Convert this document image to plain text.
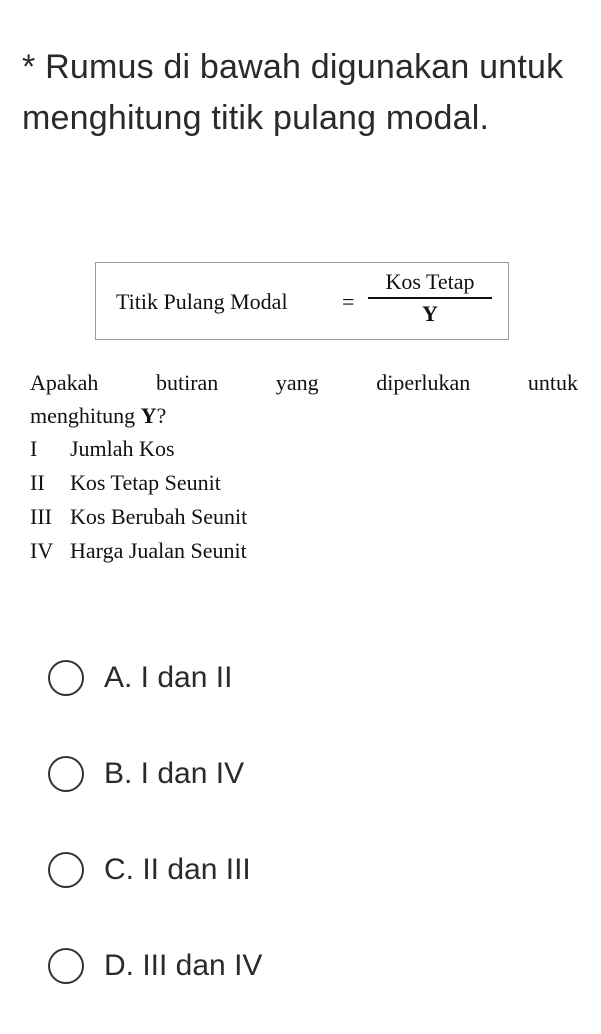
* Rumus di bawah digunakan untuk menghitung titik pulang modal.
Titik Pulang Modal =
Kos Tetap
Y
Apakah butiran yang diperlukan untuk
menghitung Y?
I	Jumlah Kos
II	Kos Tetap Seunit
III Kos Berubah Seunit
IV Harga Jualan Seunit
A. I dan II
B. I dan IV
C. II dan III
D. III dan IV
